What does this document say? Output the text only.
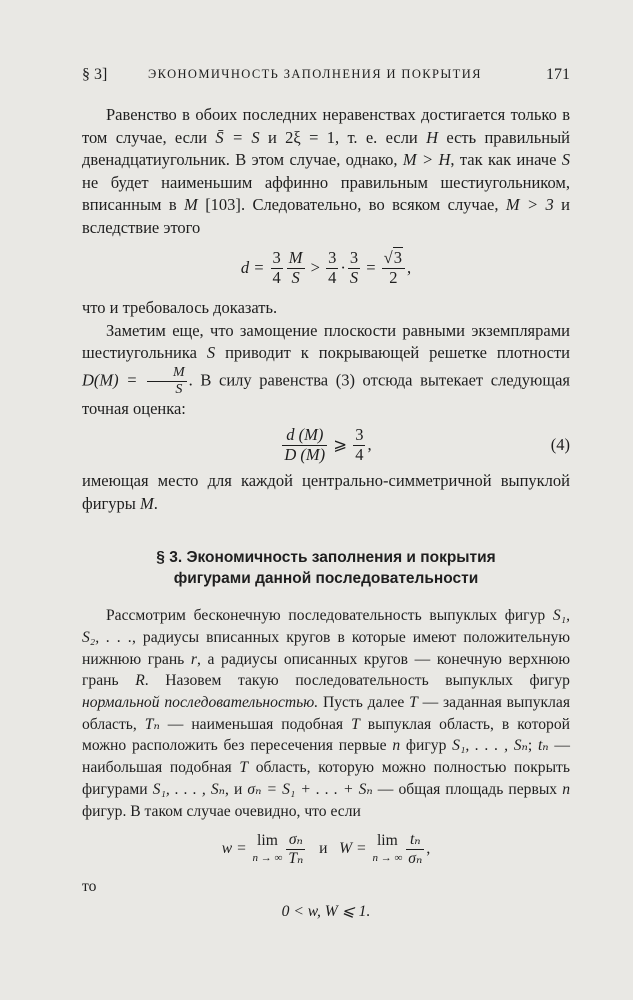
§ 3]	ЭКОНОМИЧНОСТЬ ЗАПОЛНЕНИЯ И ПОКРЫТИЯ	171

Равенство в обоих последних неравенствах достигается только в том случае, если S̄ = S и 2ξ = 1, т. е. если H есть правильный двенадцатиугольник. В этом случае, однако, M > H, так как иначе S не будет наименьшим аффинно правильным шестиугольником, вписанным в M [103]. Следовательно, во всяком случае, M > 3 и вследствие этого

d =
$\frac{3}{4}$ M
S

>

3
4
· $\frac{3}{S}$
=
$\frac{√3}{2}$ ,

что и требовалось доказать.

Заметим еще, что замощение плоскости равными экземплярами шестиугольника S приводит к покрывающей решетке плотности $D(M) = \frac{M}{S}$ . В силу равенства (3) отсюда вытекает следующая точная оценка:

d (M)
D (M)

⩾

3
4
,	(4)

имеющая место для каждой центрально-симметричной выпуклой фигуры M.

§ 3. Экономичность заполнения и покрытия
фигурами данной последовательности

Рассмотрим бесконечную последовательность выпуклых фигур S₁, S₂, . . ., радиусы вписанных кругов в которые имеют положительную нижнюю грань r, а радиусы описанных кругов — конечную верхнюю грань R. Назовем такую последовательность выпуклых фигур нормальной последовательностью. Пусть далее T — заданная выпуклая область, Tₙ — наименьшая подобная T выпуклая область, в которой можно расположить без пересечения первые n фигур S₁, . . . , Sₙ; tₙ — наибольшая подобная T область, которую можно полностью покрыть фигурами S₁, . . . , Sₙ, и σₙ = S₁ + . . . + Sₙ — общая площадь первых n фигур. В таком случае очевидно, что если

w =
lim
n → ∞
σₙ
Tₙ

и
W =
lim
n → ∞
tₙ
σₙ
,

то

0 < w, W ⩽ 1.
